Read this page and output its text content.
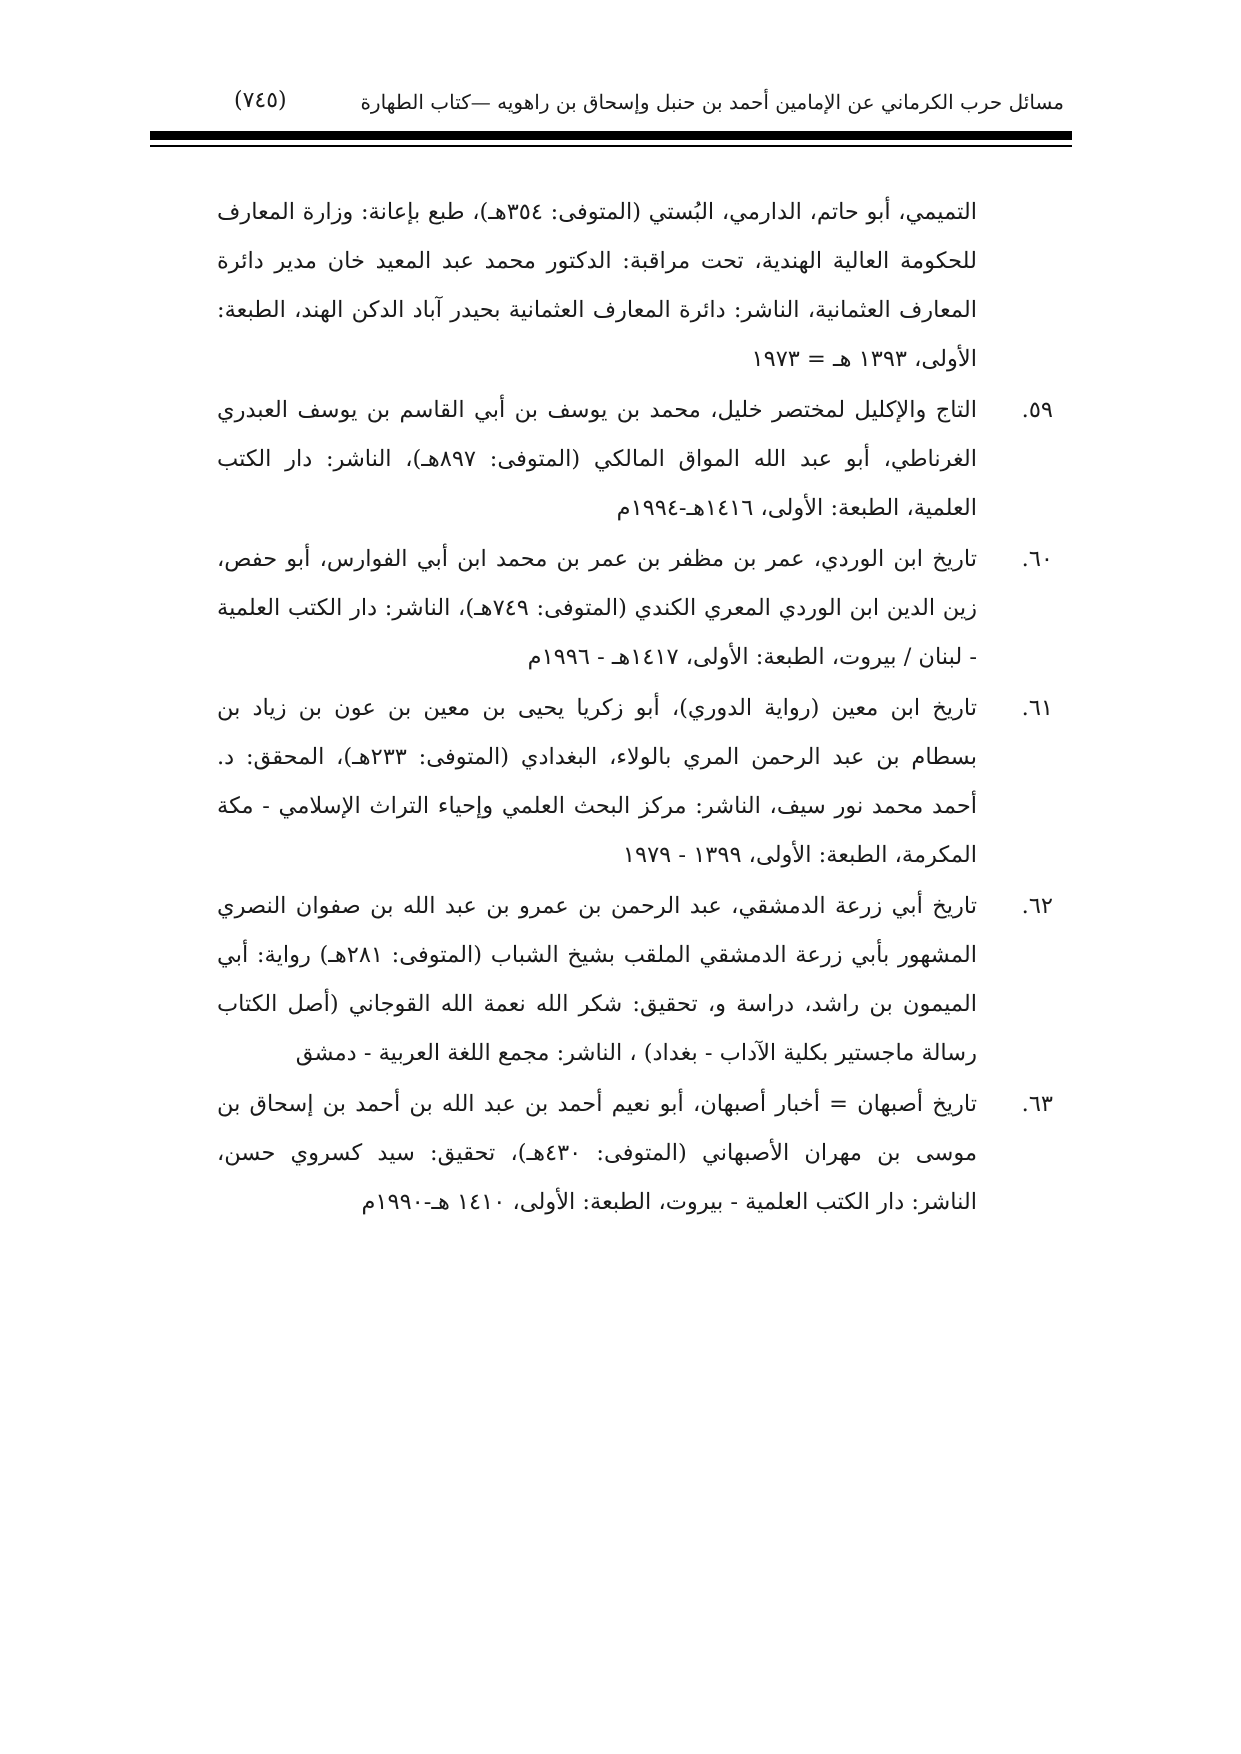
مسائل حرب الكرماني عن الإمامين أحمد بن حنبل وإسحاق بن راهويه —كتاب الطهارة
(٧٤٥)
التميمي، أبو حاتم، الدارمي، البُستي (المتوفى: ٣٥٤هـ)، طبع بإعانة: وزارة المعارف للحكومة العالية الهندية، تحت مراقبة: الدكتور محمد عبد المعيد خان مدير دائرة المعارف العثمانية، الناشر: دائرة المعارف العثمانية بحيدر آباد الدكن الهند، الطبعة: الأولى، ١٣٩٣ هـ = ١٩٧٣
٥٩.
التاج والإكليل لمختصر خليل، محمد بن يوسف بن أبي القاسم بن يوسف العبدري الغرناطي، أبو عبد الله المواق المالكي (المتوفى: ٨٩٧هـ)، الناشر: دار الكتب العلمية، الطبعة: الأولى، ١٤١٦هـ-١٩٩٤م
٦٠.
تاريخ ابن الوردي، عمر بن مظفر بن عمر بن محمد ابن أبي الفوارس، أبو حفص، زين الدين ابن الوردي المعري الكندي (المتوفى: ٧٤٩هـ)، الناشر: دار الكتب العلمية - لبنان / بيروت، الطبعة: الأولى، ١٤١٧هـ - ١٩٩٦م
٦١.
تاريخ ابن معين (رواية الدوري)، أبو زكريا يحيى بن معين بن عون بن زياد بن بسطام بن عبد الرحمن المري بالولاء، البغدادي (المتوفى: ٢٣٣هـ)، المحقق: د. أحمد محمد نور سيف، الناشر: مركز البحث العلمي وإحياء التراث الإسلامي - مكة المكرمة، الطبعة: الأولى، ١٣٩٩ - ١٩٧٩
٦٢.
تاريخ أبي زرعة الدمشقي، عبد الرحمن بن عمرو بن عبد الله بن صفوان النصري المشهور بأبي زرعة الدمشقي الملقب بشيخ الشباب (المتوفى: ٢٨١هـ) رواية: أبي الميمون بن راشد، دراسة و، تحقيق: شكر الله نعمة الله القوجاني (أصل الكتاب رسالة ماجستير بكلية الآداب - بغداد) ، الناشر: مجمع اللغة العربية - دمشق
٦٣.
تاريخ أصبهان = أخبار أصبهان، أبو نعيم أحمد بن عبد الله بن أحمد بن إسحاق بن موسى بن مهران الأصبهاني (المتوفى: ٤٣٠هـ)، تحقيق: سيد كسروي حسن، الناشر: دار الكتب العلمية - بيروت، الطبعة: الأولى، ١٤١٠ هـ-١٩٩٠م
